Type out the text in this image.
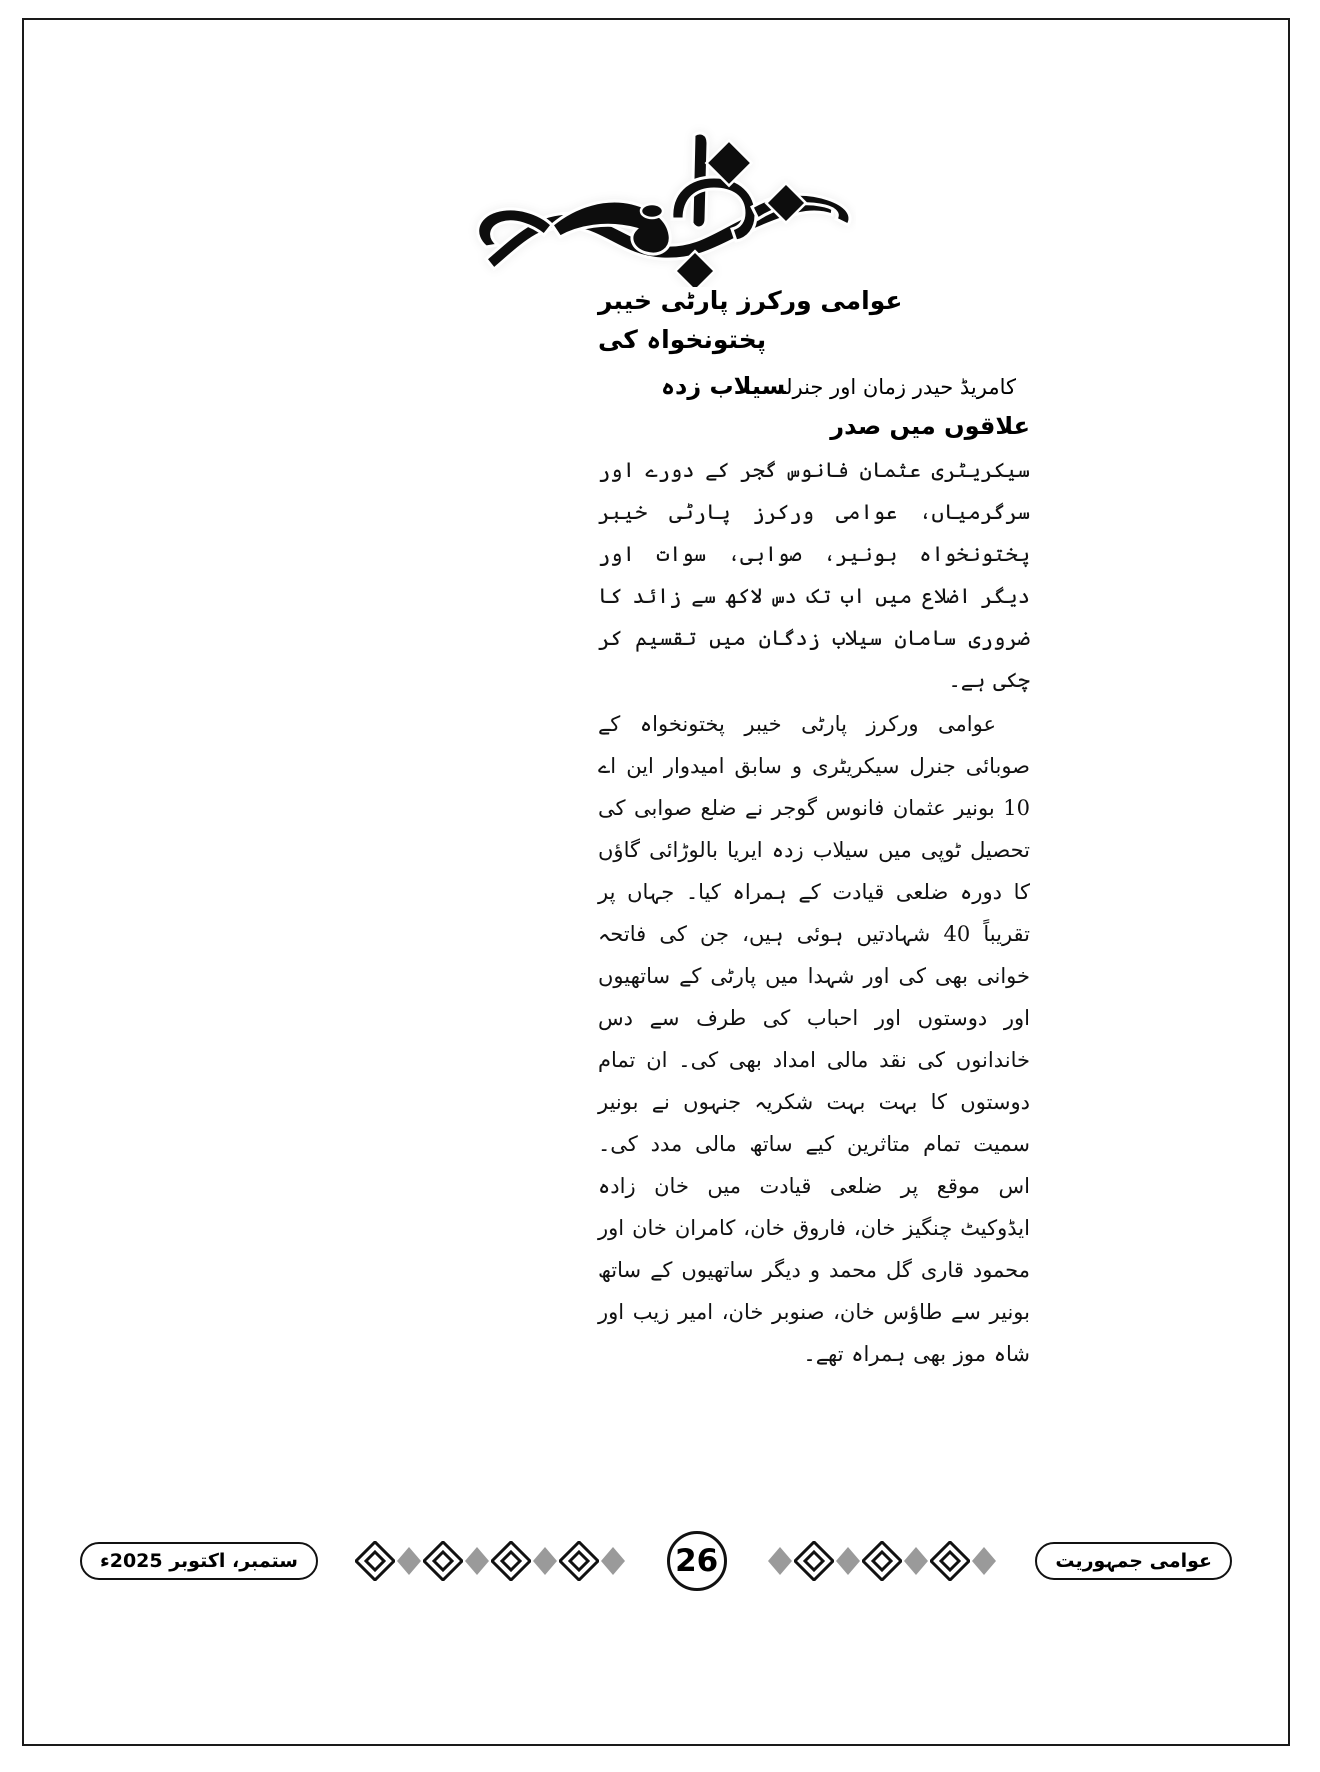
عوامی ورکرز پارٹی خیبر پختونخواہ کی

کامریڈ حیدر زمان اور جنرلسیلاب زدہ علاقوں میں صدر

سیکریٹری عثمان فانوس گجر کے دورے اور سرگرمیاں، عوامی ورکرز پارٹی خیبر پختونخواہ بونیر، صوابی، سوات اور دیگر اضلاع میں اب تک دس لاکھ سے زائد کا ضروری سامان سیلاب زدگان میں تقسیم کر چکی ہے۔

عوامی ورکرز پارٹی خیبر پختونخواہ کے صوبائی جنرل سیکریٹری و سابق امیدوار این اے 10 بونیر عثمان فانوس گوجر نے ضلع صوابی کی تحصیل ٹوپی میں سیلاب زدہ ایریا بالوڑائی گاؤں کا دورہ ضلعی قیادت کے ہمراہ کیا۔ جہاں پر تقریباً 40 شہادتیں ہوئی ہیں، جن کی فاتحہ خوانی بھی کی اور شہدا میں پارٹی کے ساتھیوں اور دوستوں اور احباب کی طرف سے دس خاندانوں کی نقد مالی امداد بھی کی۔ ان تمام دوستوں کا بہت بہت شکریہ جنہوں نے بونیر سمیت تمام متاثرین کیے ساتھ مالی مدد کی۔ اس موقع پر ضلعی قیادت میں خان زادہ ایڈوکیٹ چنگیز خان، فاروق خان، کامران خان اور محمود قاری گل محمد و دیگر ساتھیوں کے ساتھ بونیر سے طاؤس خان، صنوبر خان، امیر زیب اور شاہ موز بھی ہمراہ تھے۔

ستمبر، اکتوبر 2025ء	26	عوامی جمہوریت
